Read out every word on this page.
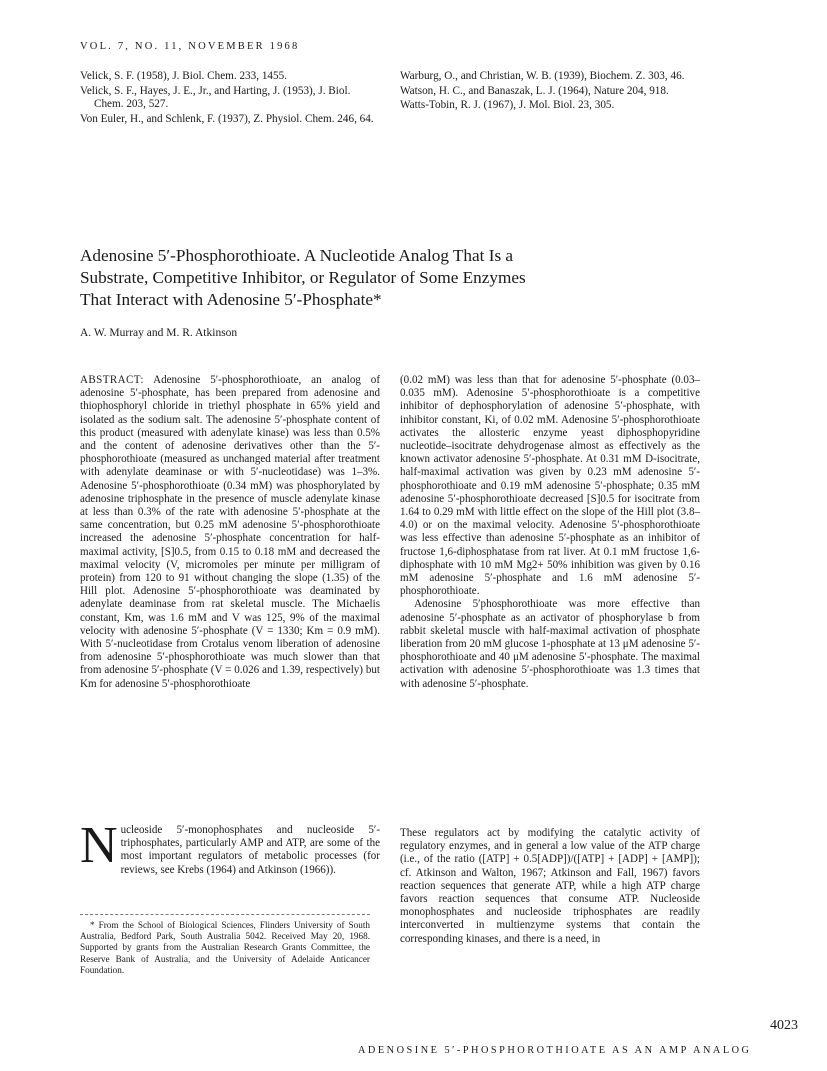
VOL. 7, NO. 11, NOVEMBER 1968

Velick, S. F. (1958), J. Biol. Chem. 233, 1455.

Velick, S. F., Hayes, J. E., Jr., and Harting, J. (1953), J. Biol. Chem. 203, 527.

Von Euler, H., and Schlenk, F. (1937), Z. Physiol. Chem. 246, 64.

Warburg, O., and Christian, W. B. (1939), Biochem. Z. 303, 46.

Watson, H. C., and Banaszak, L. J. (1964), Nature 204, 918.

Watts-Tobin, R. J. (1967), J. Mol. Biol. 23, 305.

Adenosine 5′-Phosphorothioate. A Nucleotide Analog That Is a Substrate, Competitive Inhibitor, or Regulator of Some Enzymes That Interact with Adenosine 5′-Phosphate*
A. W. Murray and M. R. Atkinson

ABSTRACT: Adenosine 5′-phosphorothioate, an analog of adenosine 5′-phosphate, has been prepared from adenosine and thiophosphoryl chloride in triethyl phosphate in 65% yield and isolated as the sodium salt. The adenosine 5′-phosphate content of this product (measured with adenylate kinase) was less than 0.5% and the content of adenosine derivatives other than the 5′-phosphorothioate (measured as unchanged material after treatment with adenylate deaminase or with 5′-nucleotidase) was 1–3%. Adenosine 5′-phosphorothioate (0.34 mM) was phosphorylated by adenosine triphosphate in the presence of muscle adenylate kinase at less than 0.3% of the rate with adenosine 5′-phosphate at the same concentration, but 0.25 mM adenosine 5′-phosphorothioate increased the adenosine 5′-phosphate concentration for half-maximal activity, [S]0.5, from 0.15 to 0.18 mM and decreased the maximal velocity (V, micromoles per minute per milligram of protein) from 120 to 91 without changing the slope (1.35) of the Hill plot. Adenosine 5′-phosphorothioate was deaminated by adenylate deaminase from rat skeletal muscle. The Michaelis constant, Km, was 1.6 mM and V was 125, 9% of the maximal velocity with adenosine 5′-phosphate (V = 1330; Km = 0.9 mM). With 5′-nucleotidase from Crotalus venom liberation of adenosine from adenosine 5′-phosphorothioate was much slower than that from adenosine 5′-phosphate (V = 0.026 and 1.39, respectively) but Km for adenosine 5′-phosphorothioate

(0.02 mM) was less than that for adenosine 5′-phosphate (0.03–0.035 mM). Adenosine 5′-phosphorothioate is a competitive inhibitor of dephosphorylation of adenosine 5′-phosphate, with inhibitor constant, Ki, of 0.02 mM. Adenosine 5′-phosphorothioate activates the allosteric enzyme yeast diphosphopyridine nucleotide–isocitrate dehydrogenase almost as effectively as the known activator adenosine 5′-phosphate. At 0.31 mM D-isocitrate, half-maximal activation was given by 0.23 mM adenosine 5′-phosphorothioate and 0.19 mM adenosine 5′-phosphate; 0.35 mM adenosine 5′-phosphorothioate decreased [S]0.5 for isocitrate from 1.64 to 0.29 mM with little effect on the slope of the Hill plot (3.8–4.0) or on the maximal velocity. Adenosine 5′-phosphorothioate was less effective than adenosine 5′-phosphate as an inhibitor of fructose 1,6-diphosphatase from rat liver. At 0.1 mM fructose 1,6-diphosphate with 10 mM Mg2+ 50% inhibition was given by 0.16 mM adenosine 5′-phosphate and 1.6 mM adenosine 5′-phosphorothioate.

Adenosine 5′phosphorothioate was more effective than adenosine 5′-phosphate as an activator of phosphorylase b from rabbit skeletal muscle with half-maximal activation of phosphate liberation from 20 mM glucose 1-phosphate at 13 μM adenosine 5′-phosphorothioate and 40 μM adenosine 5′-phosphate. The maximal activation with adenosine 5′-phosphorothioate was 1.3 times that with adenosine 5′-phosphate.

Nucleoside 5′-monophosphates and nucleoside 5′-triphosphates, particularly AMP and ATP, are some of the most important regulators of metabolic processes (for reviews, see Krebs (1964) and Atkinson (1966)).

These regulators act by modifying the catalytic activity of regulatory enzymes, and in general a low value of the ATP charge (i.e., of the ratio ([ATP] + 0.5[ADP])/([ATP] + [ADP] + [AMP]); cf. Atkinson and Walton, 1967; Atkinson and Fall, 1967) favors reaction sequences that generate ATP, while a high ATP charge favors reaction sequences that consume ATP. Nucleoside monophosphates and nucleoside triphosphates are readily interconverted in multienzyme systems that contain the corresponding kinases, and there is a need, in

* From the School of Biological Sciences, Flinders University of South Australia, Bedford Park, South Australia 5042. Received May 20, 1968. Supported by grants from the Australian Research Grants Committee, the Reserve Bank of Australia, and the University of Adelaide Anticancer Foundation.

4023
ADENOSINE 5′-PHOSPHOROTHIOATE AS AN AMP ANALOG
